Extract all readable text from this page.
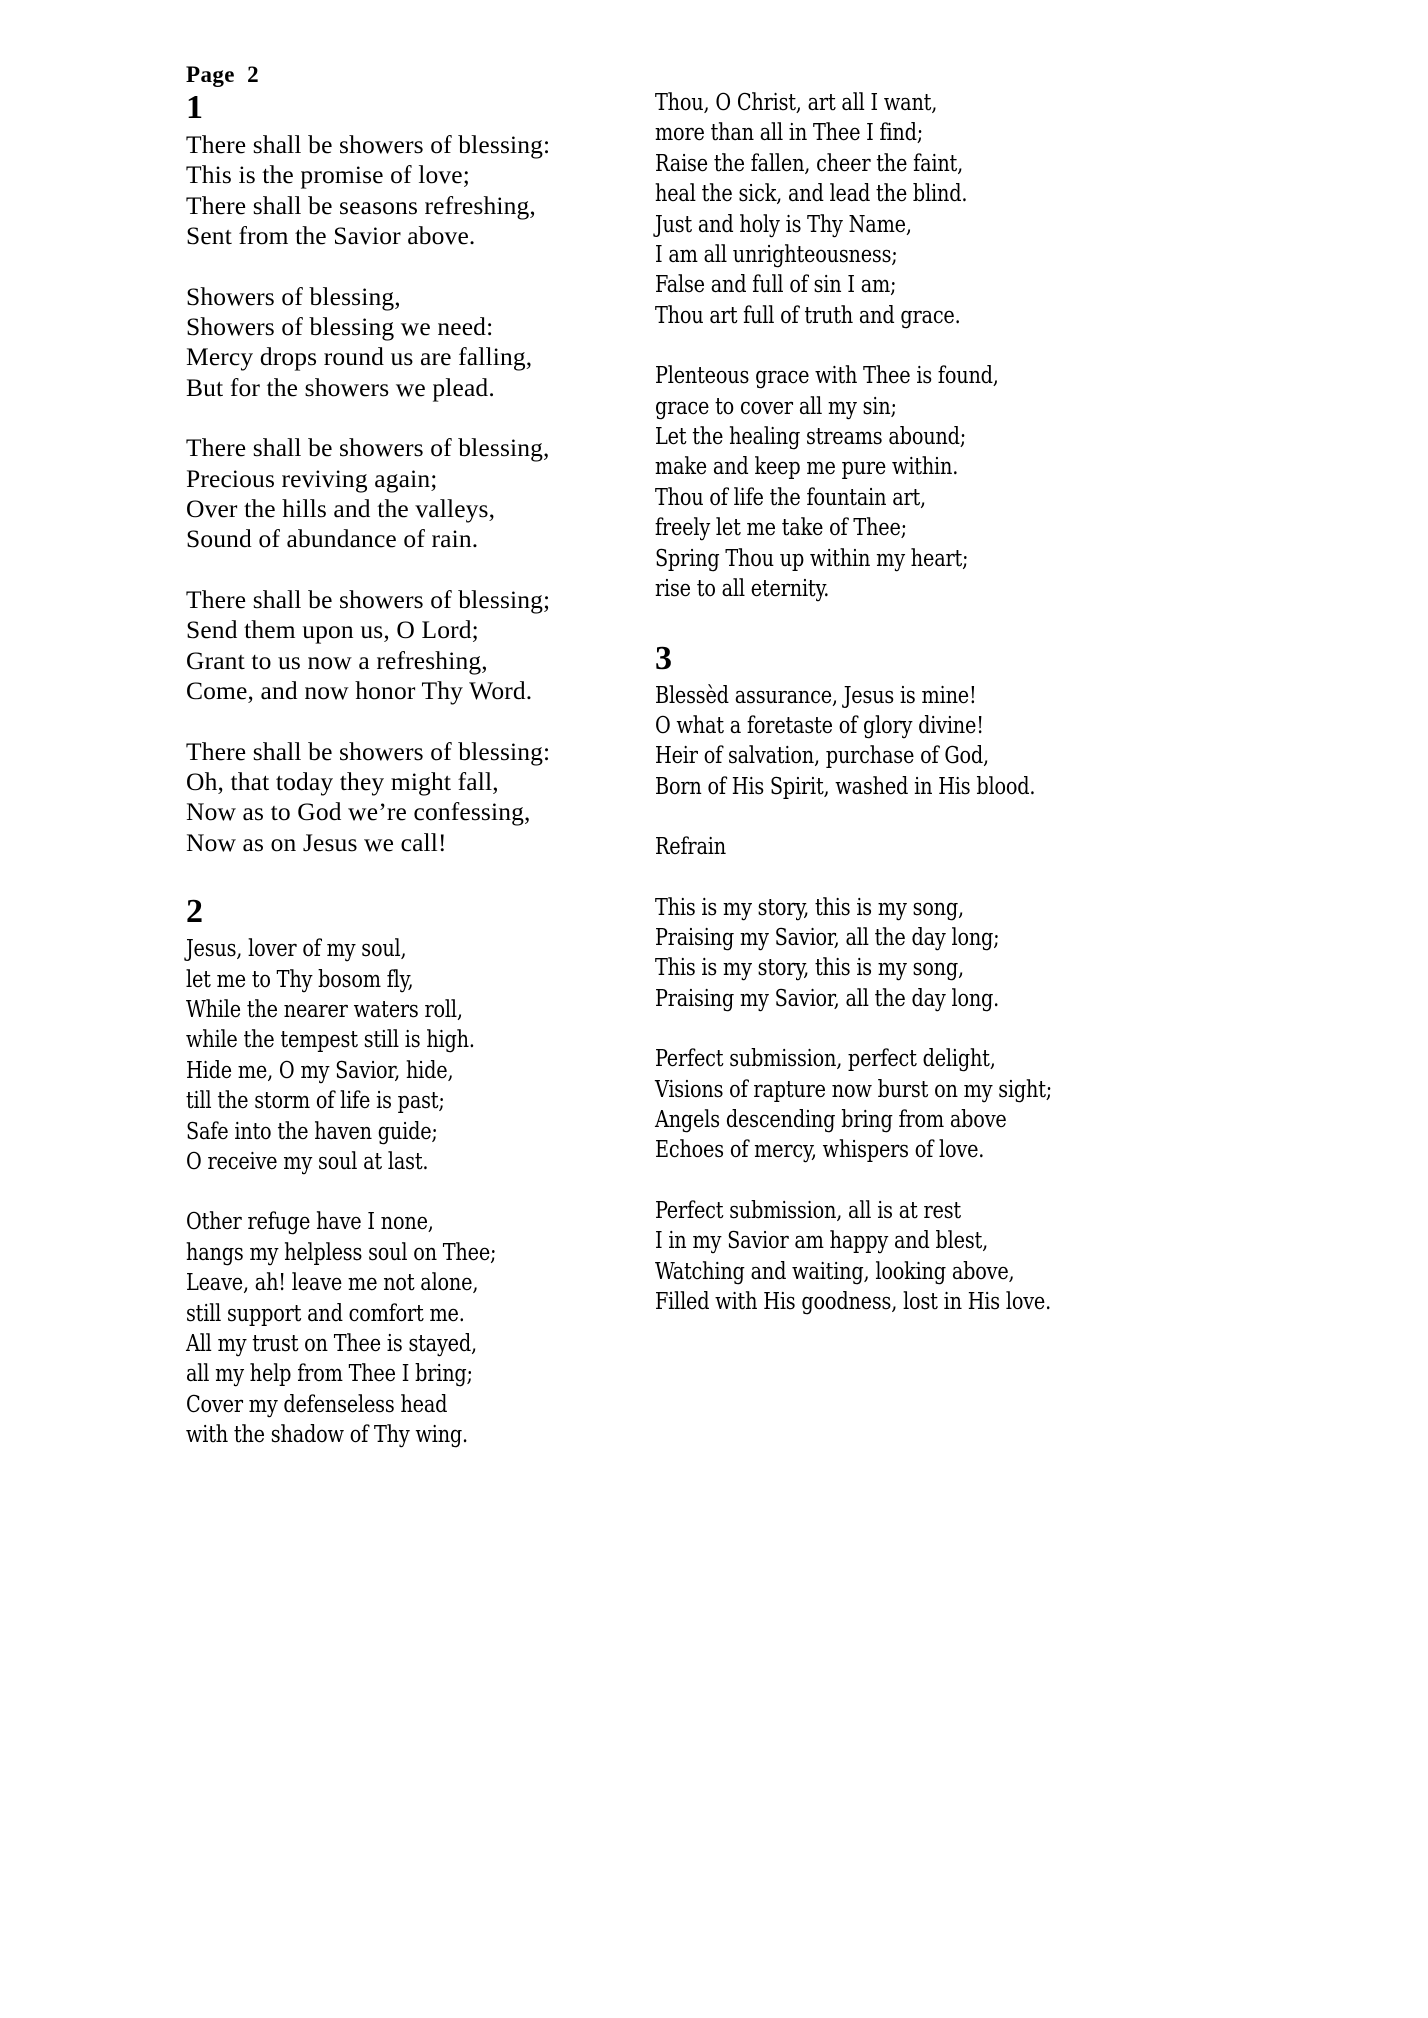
Page 2
1
There shall be showers of blessing:
This is the promise of love;
There shall be seasons refreshing,
Sent from the Savior above.
Showers of blessing,
Showers of blessing we need:
Mercy drops round us are falling,
But for the showers we plead.
There shall be showers of blessing,
Precious reviving again;
Over the hills and the valleys,
Sound of abundance of rain.
There shall be showers of blessing;
Send them upon us, O Lord;
Grant to us now a refreshing,
Come, and now honor Thy Word.
There shall be showers of blessing:
Oh, that today they might fall,
Now as to God we’re confessing,
Now as on Jesus we call!
2
Jesus, lover of my soul,
let me to Thy bosom fly,
While the nearer waters roll,
while the tempest still is high.
Hide me, O my Savior, hide,
till the storm of life is past;
Safe into the haven guide;
O receive my soul at last.
Other refuge have I none,
hangs my helpless soul on Thee;
Leave, ah! leave me not alone,
still support and comfort me.
All my trust on Thee is stayed,
all my help from Thee I bring;
Cover my defenseless head
with the shadow of Thy wing.
Thou, O Christ, art all I want,
more than all in Thee I find;
Raise the fallen, cheer the faint,
heal the sick, and lead the blind.
Just and holy is Thy Name,
I am all unrighteousness;
False and full of sin I am;
Thou art full of truth and grace.
Plenteous grace with Thee is found,
grace to cover all my sin;
Let the healing streams abound;
make and keep me pure within.
Thou of life the fountain art,
freely let me take of Thee;
Spring Thou up within my heart;
rise to all eternity.
3
Blessèd assurance, Jesus is mine!
O what a foretaste of glory divine!
Heir of salvation, purchase of God,
Born of His Spirit, washed in His blood.
Refrain
This is my story, this is my song,
Praising my Savior, all the day long;
This is my story, this is my song,
Praising my Savior, all the day long.
Perfect submission, perfect delight,
Visions of rapture now burst on my sight;
Angels descending bring from above
Echoes of mercy, whispers of love.
Perfect submission, all is at rest
I in my Savior am happy and blest,
Watching and waiting, looking above,
Filled with His goodness, lost in His love.
